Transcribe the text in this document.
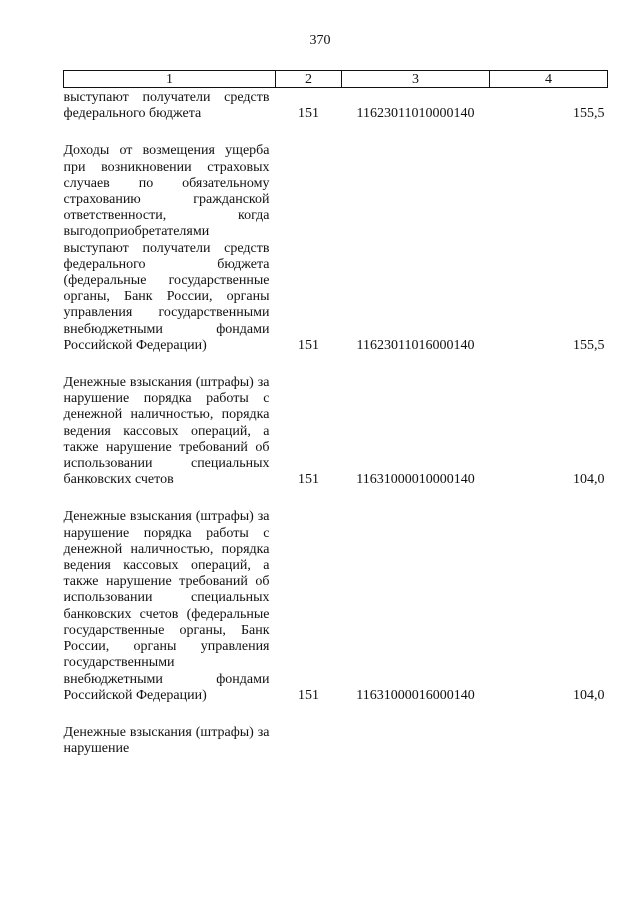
370
1	2	3	4
выступают получатели средств федерального бюджета	151	11623011010000140	155,5
Доходы от возмещения ущерба при возникновении страховых случаев по обязательному страхованию гражданской ответственности, когда выгодоприобретателями выступают получатели средств федерального бюджета (федеральные государственные органы, Банк России, органы управления государственными внебюджетными фондами Российской Федерации)	151	11623011016000140	155,5
Денежные взыскания (штрафы) за нарушение порядка работы с денежной наличностью, порядка ведения кассовых операций, а также нарушение требований об использовании специальных банковских счетов	151	11631000010000140	104,0
Денежные взыскания (штрафы) за нарушение порядка работы с денежной наличностью, порядка ведения кассовых операций, а также нарушение требований об использовании специальных банковских счетов (федеральные государственные органы, Банк России, органы управления государственными внебюджетными фондами Российской Федерации)	151	11631000016000140	104,0
Денежные взыскания (штрафы) за нарушение			
